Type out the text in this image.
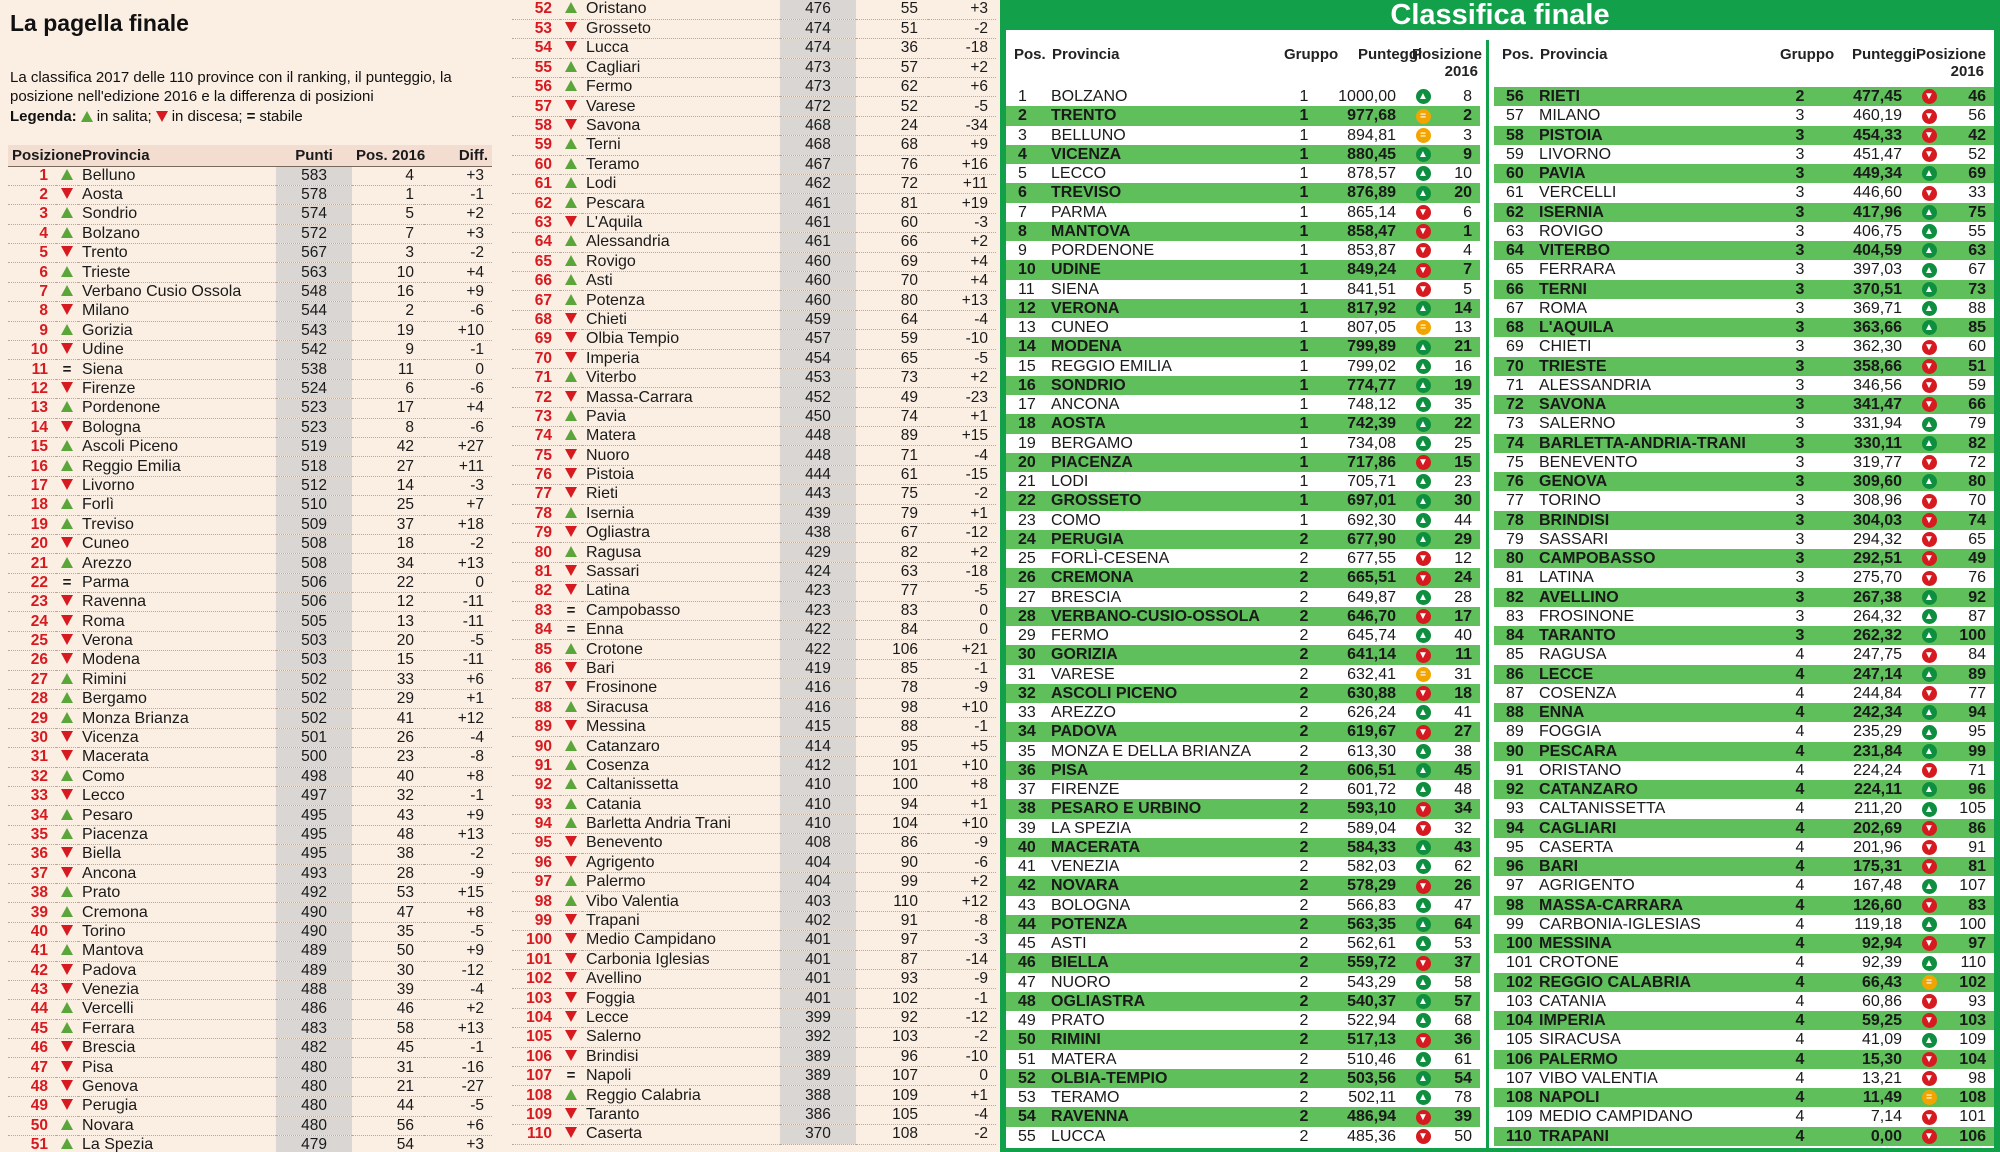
La pagella finale
La classifica 2017 delle 110 province con il ranking, il punteggio, la posizione nell'edizione 2016 e la differenza di posizioni
Legenda: in salita; in discesa; = stabile
Posizione		Provincia	Punti	Pos. 2016	Diff.
1		Belluno	583	4	+3
2		Aosta	578	1	-1
3		Sondrio	574	5	+2
4		Bolzano	572	7	+3
5		Trento	567	3	-2
6		Trieste	563	10	+4
7		Verbano Cusio Ossola	548	16	+9
8		Milano	544	2	-6
9		Gorizia	543	19	+10
10		Udine	542	9	-1
11	=	Siena	538	11	0
12		Firenze	524	6	-6
13		Pordenone	523	17	+4
14		Bologna	523	8	-6
15		Ascoli Piceno	519	42	+27
16		Reggio Emilia	518	27	+11
17		Livorno	512	14	-3
18		Forlì	510	25	+7
19		Treviso	509	37	+18
20		Cuneo	508	18	-2
21		Arezzo	508	34	+13
22	=	Parma	506	22	0
23		Ravenna	506	12	-11
24		Roma	505	13	-11
25		Verona	503	20	-5
26		Modena	503	15	-11
27		Rimini	502	33	+6
28		Bergamo	502	29	+1
29		Monza Brianza	502	41	+12
30		Vicenza	501	26	-4
31		Macerata	500	23	-8
32		Como	498	40	+8
33		Lecco	497	32	-1
34		Pesaro	495	43	+9
35		Piacenza	495	48	+13
36		Biella	495	38	-2
37		Ancona	493	28	-9
38		Prato	492	53	+15
39		Cremona	490	47	+8
40		Torino	490	35	-5
41		Mantova	489	50	+9
42		Padova	489	30	-12
43		Venezia	488	39	-4
44		Vercelli	486	46	+2
45		Ferrara	483	58	+13
46		Brescia	482	45	-1
47		Pisa	480	31	-16
48		Genova	480	21	-27
49		Perugia	480	44	-5
50		Novara	480	56	+6
51		La Spezia	479	54	+3
52		Oristano	476	55	+3
53		Grosseto	474	51	-2
54		Lucca	474	36	-18
55		Cagliari	473	57	+2
56		Fermo	473	62	+6
57		Varese	472	52	-5
58		Savona	468	24	-34
59		Terni	468	68	+9
60		Teramo	467	76	+16
61		Lodi	462	72	+11
62		Pescara	461	81	+19
63		L'Aquila	461	60	-3
64		Alessandria	461	66	+2
65		Rovigo	460	69	+4
66		Asti	460	70	+4
67		Potenza	460	80	+13
68		Chieti	459	64	-4
69		Olbia Tempio	457	59	-10
70		Imperia	454	65	-5
71		Viterbo	453	73	+2
72		Massa-Carrara	452	49	-23
73		Pavia	450	74	+1
74		Matera	448	89	+15
75		Nuoro	448	71	-4
76		Pistoia	444	61	-15
77		Rieti	443	75	-2
78		Isernia	439	79	+1
79		Ogliastra	438	67	-12
80		Ragusa	429	82	+2
81		Sassari	424	63	-18
82		Latina	423	77	-5
83	=	Campobasso	423	83	0
84	=	Enna	422	84	0
85		Crotone	422	106	+21
86		Bari	419	85	-1
87		Frosinone	416	78	-9
88		Siracusa	416	98	+10
89		Messina	415	88	-1
90		Catanzaro	414	95	+5
91		Cosenza	412	101	+10
92		Caltanissetta	410	100	+8
93		Catania	410	94	+1
94		Barletta Andria Trani	410	104	+10
95		Benevento	408	86	-9
96		Agrigento	404	90	-6
97		Palermo	404	99	+2
98		Vibo Valentia	403	110	+12
99		Trapani	402	91	-8
100		Medio Campidano	401	97	-3
101		Carbonia Iglesias	401	87	-14
102		Avellino	401	93	-9
103		Foggia	401	102	-1
104		Lecce	399	92	-12
105		Salerno	392	103	-2
106		Brindisi	389	96	-10
107	=	Napoli	389	107	0
108		Reggio Calabria	388	109	+1
109		Taranto	386	105	-4
110		Caserta	370	108	-2
Classifica finale
Pos. Provincia	Gruppo Punteggi
Posizione
2016
Pos. Provincia	Gruppo Punteggi Posizione
2016
1	BOLZANO	1	1000,00	▲	8
2	TRENTO	1	977,68	=	2
3	BELLUNO	1	894,81	=	3
4	VICENZA	1	880,45	▲	9
5	LECCO	1	878,57	▲	10
6	TREVISO	1	876,89	▲	20
7	PARMA	1	865,14	▼	6
8	MANTOVA	1	858,47	▼	1
9	PORDENONE	1	853,87	▼	4
10	UDINE	1	849,24	▼	7
11	SIENA	1	841,51	▼	5
12	VERONA	1	817,92	▲	14
13	CUNEO	1	807,05	=	13
14	MODENA	1	799,89	▲	21
15	REGGIO EMILIA	1	799,02	▲	16
16	SONDRIO	1	774,77	▲	19
17	ANCONA	1	748,12	▲	35
18	AOSTA	1	742,39	▲	22
19	BERGAMO	1	734,08	▲	25
20	PIACENZA	1	717,86	▼	15
21	LODI	1	705,71	▲	23
22	GROSSETO	1	697,01	▲	30
23	COMO	1	692,30	▲	44
24	PERUGIA	2	677,90	▲	29
25	FORLÌ-CESENA	2	677,55	▼	12
26	CREMONA	2	665,51	▼	24
27	BRESCIA	2	649,87	▲	28
28	VERBANO-CUSIO-OSSOLA	2	646,70	▼	17
29	FERMO	2	645,74	▲	40
30	GORIZIA	2	641,14	▼	11
31	VARESE	2	632,41	=	31
32	ASCOLI PICENO	2	630,88	▼	18
33	AREZZO	2	626,24	▲	41
34	PADOVA	2	619,67	▼	27
35	MONZA E DELLA BRIANZA	2	613,30	▲	38
36	PISA	2	606,51	▲	45
37	FIRENZE	2	601,72	▲	48
38	PESARO E URBINO	2	593,10	▼	34
39	LA SPEZIA	2	589,04	▼	32
40	MACERATA	2	584,33	▲	43
41	VENEZIA	2	582,03	▲	62
42	NOVARA	2	578,29	▼	26
43	BOLOGNA	2	566,83	▲	47
44	POTENZA	2	563,35	▲	64
45	ASTI	2	562,61	▲	53
46	BIELLA	2	559,72	▼	37
47	NUORO	2	543,29	▲	58
48	OGLIASTRA	2	540,37	▲	57
49	PRATO	2	522,94	▲	68
50	RIMINI	2	517,13	▼	36
51	MATERA	2	510,46	▲	61
52	OLBIA-TEMPIO	2	503,56	▲	54
53	TERAMO	2	502,11	▲	78
54	RAVENNA	2	486,94	▼	39
55	LUCCA	2	485,36	▼	50
56	RIETI	2	477,45	▼	46
57	MILANO	3	460,19	▼	56
58	PISTOIA	3	454,33	▼	42
59	LIVORNO	3	451,47	▼	52
60	PAVIA	3	449,34	▲	69
61	VERCELLI	3	446,60	▼	33
62	ISERNIA	3	417,96	▲	75
63	ROVIGO	3	406,75	▲	55
64	VITERBO	3	404,59	▲	63
65	FERRARA	3	397,03	▲	67
66	TERNI	3	370,51	▲	73
67	ROMA	3	369,71	▲	88
68	L'AQUILA	3	363,66	▲	85
69	CHIETI	3	362,30	▼	60
70	TRIESTE	3	358,66	▼	51
71	ALESSANDRIA	3	346,56	▼	59
72	SAVONA	3	341,47	▼	66
73	SALERNO	3	331,94	▲	79
74	BARLETTA-ANDRIA-TRANI	3	330,11	▲	82
75	BENEVENTO	3	319,77	▼	72
76	GENOVA	3	309,60	▲	80
77	TORINO	3	308,96	▼	70
78	BRINDISI	3	304,03	▼	74
79	SASSARI	3	294,32	▼	65
80	CAMPOBASSO	3	292,51	▼	49
81	LATINA	3	275,70	▼	76
82	AVELLINO	3	267,38	▲	92
83	FROSINONE	3	264,32	▲	87
84	TARANTO	3	262,32	▲	100
85	RAGUSA	4	247,75	▼	84
86	LECCE	4	247,14	▲	89
87	COSENZA	4	244,84	▼	77
88	ENNA	4	242,34	▲	94
89	FOGGIA	4	235,29	▲	95
90	PESCARA	4	231,84	▲	99
91	ORISTANO	4	224,24	▼	71
92	CATANZARO	4	224,11	▲	96
93	CALTANISSETTA	4	211,20	▲	105
94	CAGLIARI	4	202,69	▼	86
95	CASERTA	4	201,96	▼	91
96	BARI	4	175,31	▼	81
97	AGRIGENTO	4	167,48	▲	107
98	MASSA-CARRARA	4	126,60	▼	83
99	CARBONIA-IGLESIAS	4	119,18	▲	100
100	MESSINA	4	92,94	▼	97
101	CROTONE	4	92,39	▲	110
102	REGGIO CALABRIA	4	66,43	=	102
103	CATANIA	4	60,86	▼	93
104	IMPERIA	4	59,25	▼	103
105	SIRACUSA	4	41,09	▲	109
106	PALERMO	4	15,30	▼	104
107	VIBO VALENTIA	4	13,21	▼	98
108	NAPOLI	4	11,49	=	108
109	MEDIO CAMPIDANO	4	7,14	▼	101
110	TRAPANI	4	0,00	▼	106
